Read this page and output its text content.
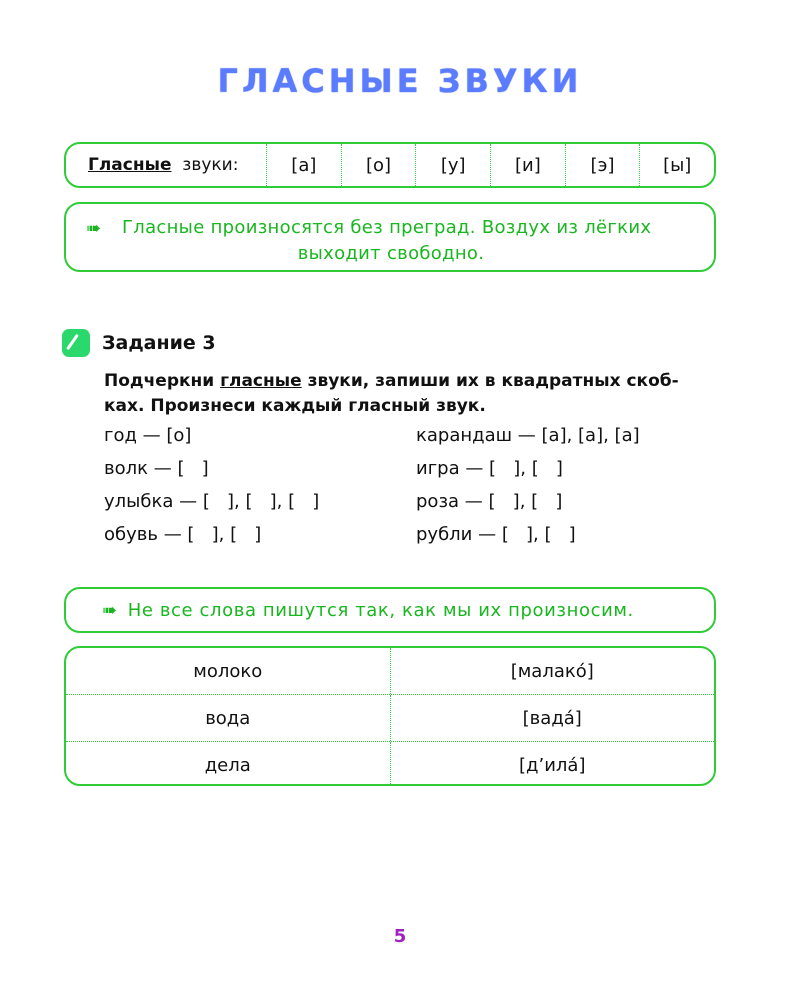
ГЛАСНЫЕ ЗВУКИ
Гласные звуки:	[а]	[о]	[у]	[и]	[э]	[ы]
➠ Гласные произносятся без преград. Воздух из лёгких
выходит свободно.
Задание 3
Подчеркни гласные звуки, запиши их в квадратных скоб-
ках. Произнеси каждый гласный звук.
год — [о]
волк — [   ]
улыбка — [   ], [   ], [   ]
обувь — [   ], [   ]
карандаш — [а], [а], [а]
игра — [   ], [   ]
роза — [   ], [   ]
рубли — [   ], [   ]
➠ Не все слова пишутся так, как мы их произносим.
молоко	[малако́]
вода	[вада́]
дела	[д’ила́]
5
